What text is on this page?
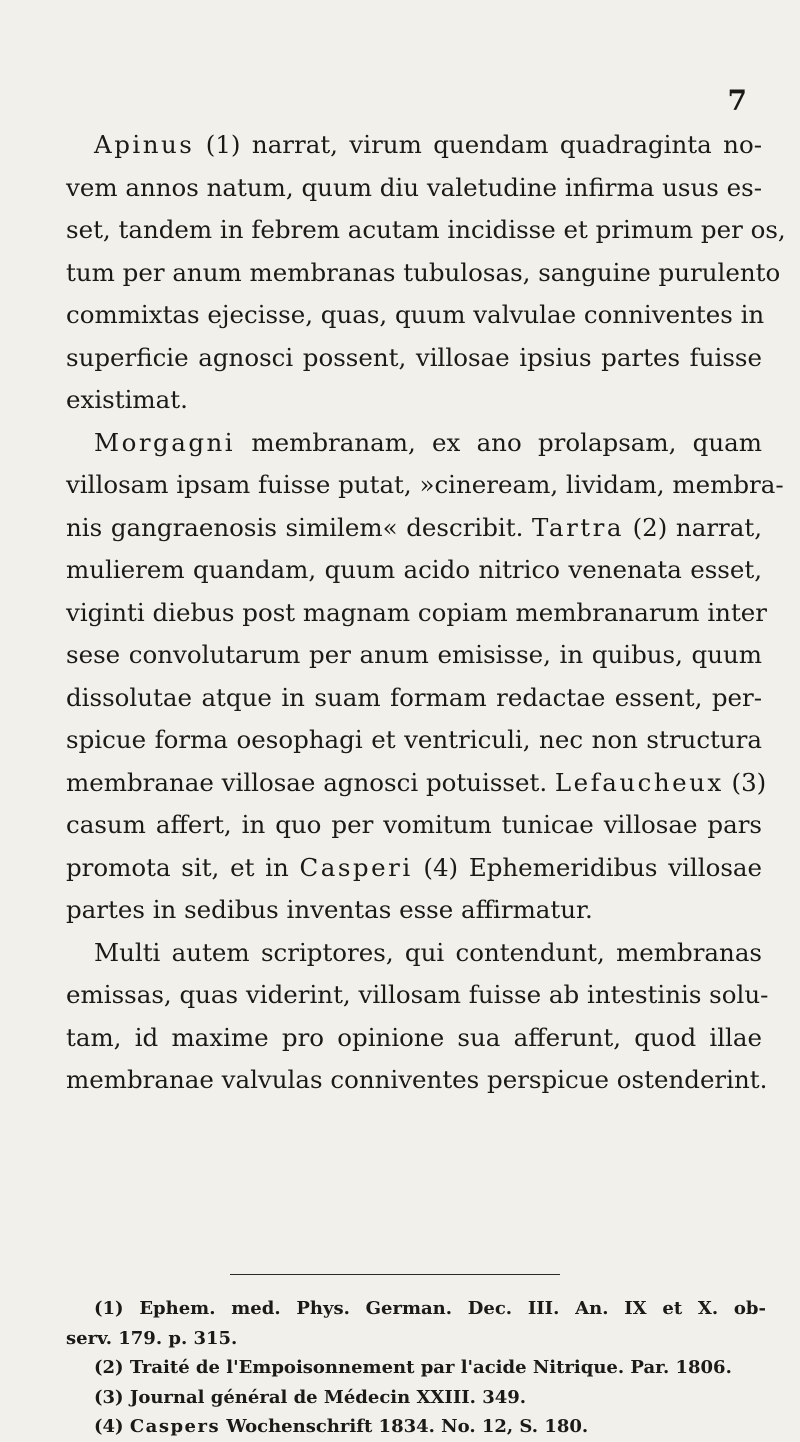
7
Apinus (1) narrat, virum quendam quadraginta no-
vem annos natum, quum diu valetudine infirma usus es-
set, tandem in febrem acutam incidisse et primum per os,
tum per anum membranas tubulosas, sanguine purulento
commixtas ejecisse, quas, quum valvulae conniventes in
superficie agnosci possent, villosae ipsius partes fuisse
existimat.
Morgagni membranam, ex ano prolapsam, quam
villosam ipsam fuisse putat, »cineream, lividam, membra-
nis gangraenosis similem« describit. Tartra (2) narrat,
mulierem quandam, quum acido nitrico venenata esset,
viginti diebus post magnam copiam membranarum inter
sese convolutarum per anum emisisse, in quibus, quum
dissolutae atque in suam formam redactae essent, per-
spicue forma oesophagi et ventriculi, nec non structura
membranae villosae agnosci potuisset. Lefaucheux (3)
casum affert, in quo per vomitum tunicae villosae pars
promota sit, et in Casperi (4) Ephemeridibus villosae
partes in sedibus inventas esse affirmatur.
Multi autem scriptores, qui contendunt, membranas
emissas, quas viderint, villosam fuisse ab intestinis solu-
tam, id maxime pro opinione sua afferunt, quod illae
membranae valvulas conniventes perspicue ostenderint.
(1) Ephem. med. Phys. German. Dec. III. An. IX et X. ob-
serv. 179. p. 315.
(2) Traité de l'Empoisonnement par l'acide Nitrique. Par. 1806.
(3) Journal général de Médecin XXIII. 349.
(4) Caspers Wochenschrift 1834. No. 12, S. 180.
